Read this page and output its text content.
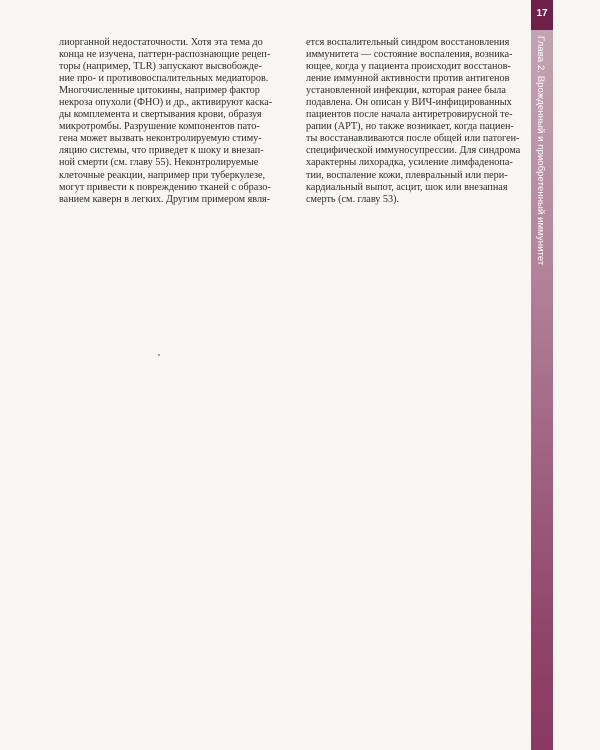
лиорганной недостаточности. Хотя эта тема до

конца не изучена, паттерн-распознающие рецеп-

торы (например, TLR) запускают высвобожде-

ние про- и противовоспалительных медиаторов.

Многочисленные цитокины, например фактор

некроза опухоли (ФНО) и др., активируют каска-

ды комплемента и свертывания крови, образуя

микротромбы. Разрушение компонентов пато-

гена может вызвать неконтролируемую стиму-

ляцию системы, что приведет к шоку и внезап-

ной смерти (см. главу 55). Неконтролируемые

клеточные реакции, например при туберкулезе,

могут привести к повреждению тканей с образо-

ванием каверн в легких. Другим примером явля-

ется воспалительный синдром восстановления

иммунитета — состояние воспаления, возника-

ющее, когда у пациента происходит восстанов-

ление иммунной активности против антигенов

установленной инфекции, которая ранее была

подавлена. Он описан у ВИЧ-инфицированных

пациентов после начала антиретровирусной те-

рапии (АРТ), но также возникает, когда пациен-

ты восстанавливаются после общей или патоген-

специфической иммуносупрессии. Для синдрома

характерны лихорадка, усиление лимфаденопа-

тии, воспаление кожи, плевральный или пери-

кардиальный выпот, асцит, шок или внезапная

смерть (см. главу 53).

17
Глава 2. Врожденный и приобретенный иммунитет
